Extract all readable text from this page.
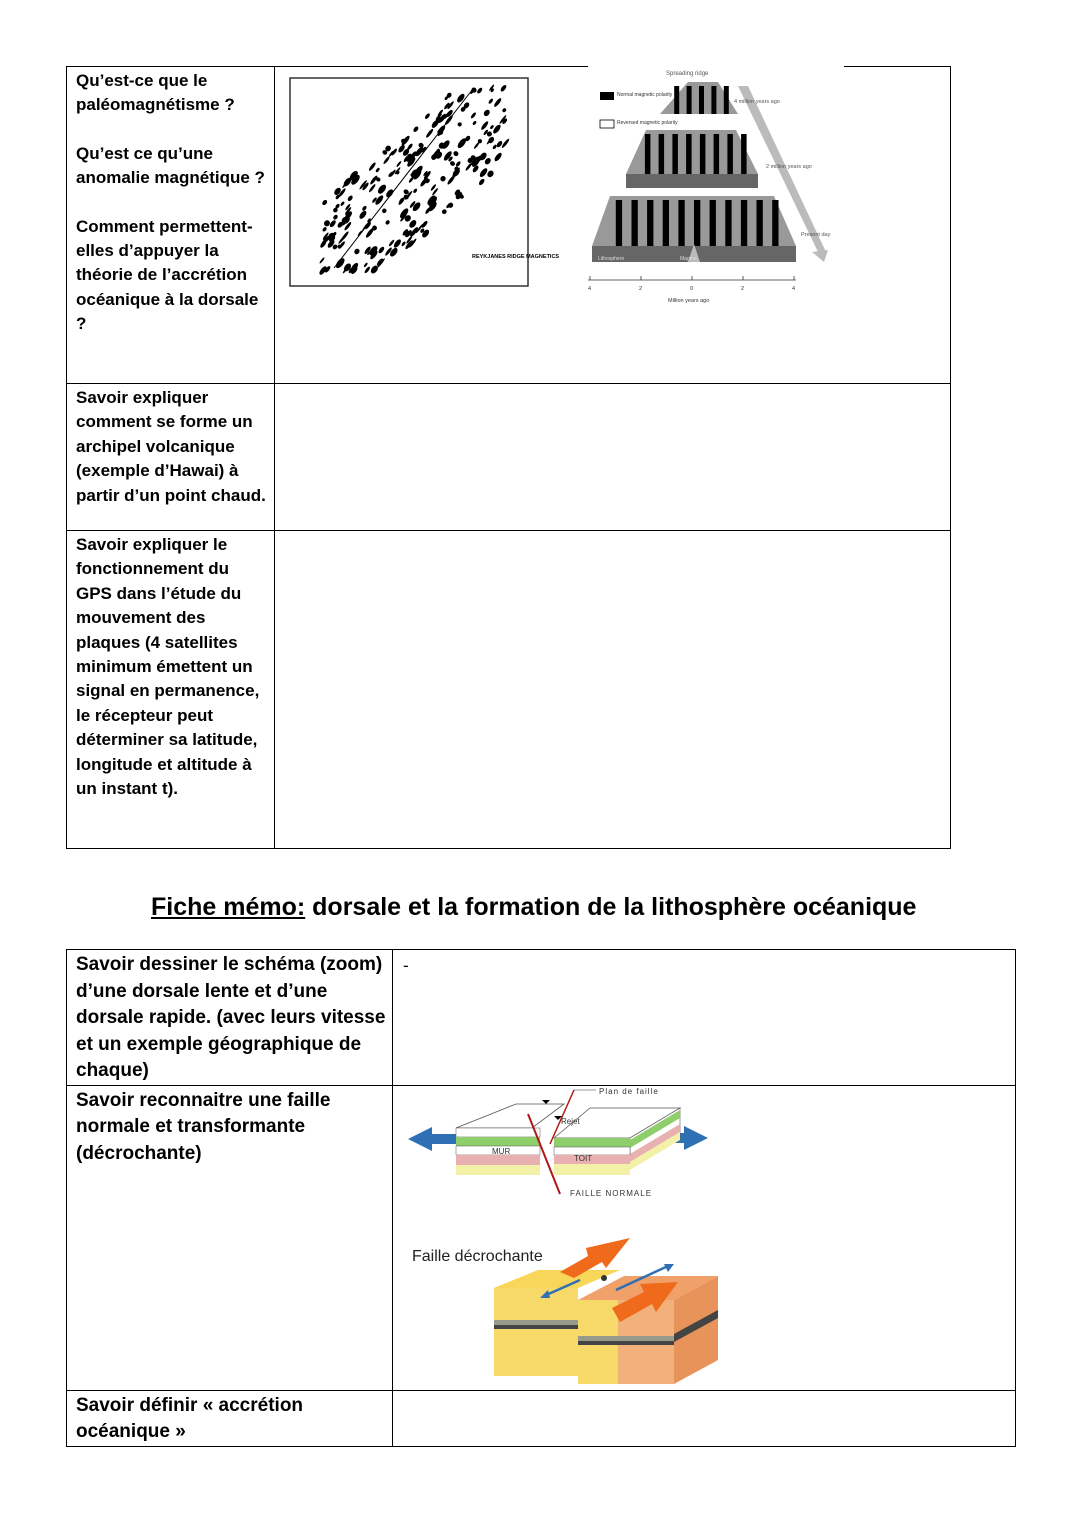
Qu’est-ce que le paléomagnétisme ?

Qu’est ce qu’une anomalie magnétique ?

Comment permettent-elles d’appuyer la théorie de l’accrétion océanique à la dorsale ?	

Savoir expliquer comment se forme un archipel volcanique (exemple d’Hawai) à partir d’un point chaud.	
Savoir expliquer le fonctionnement du GPS dans l’étude du mouvement des plaques (4 satellites minimum émettent un signal en permanence, le récepteur peut déterminer sa latitude, longitude et altitude à un instant t).	
REYKJANES RIDGE MAGNETICS
Spreading ridge
Normal magnetic polarity
Reversed magnetic polarity
Lithosphere	Magma
4 million years ago
2 million years ago
Present day
4	2	0	2	4
Million years ago
Fiche mémo: dorsale et la formation de la lithosphère océanique
Savoir dessiner le schéma (zoom) d’une dorsale lente et d’une dorsale rapide. (avec leurs vitesse et un exemple géographique de chaque)	-
Savoir reconnaitre une faille normale et transformante (décrochante)	
Savoir définir « accrétion océanique »	
Plan de faille
Rejet
MUR
TOIT
FAILLE NORMALE
Faille décrochante
